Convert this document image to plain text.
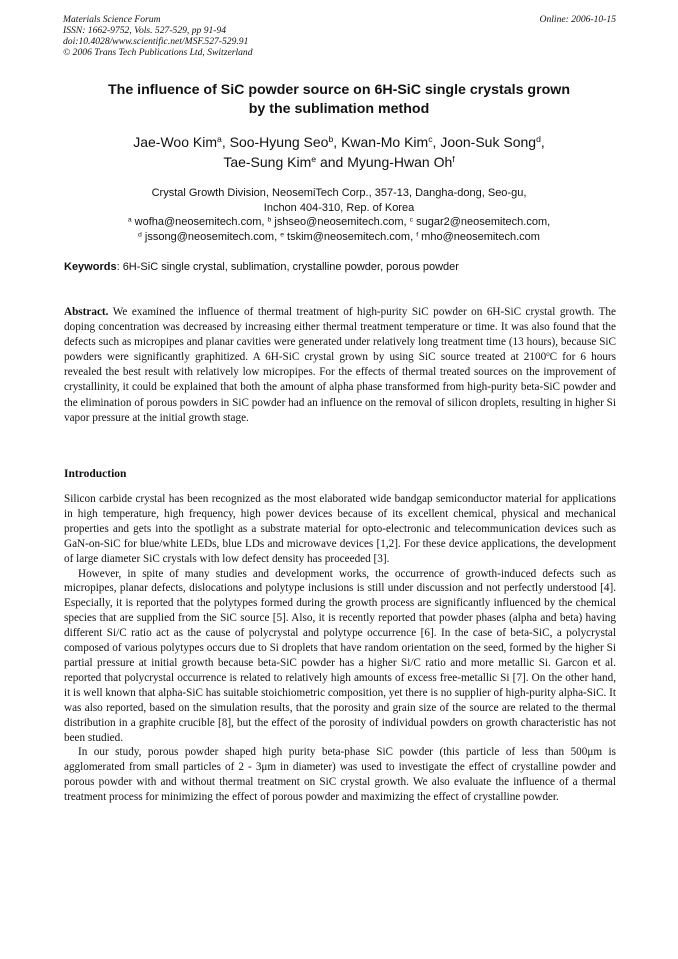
Materials Science Forum
ISSN: 1662-9752, Vols. 527-529, pp 91-94
doi:10.4028/www.scientific.net/MSF.527-529.91
© 2006 Trans Tech Publications Ltd, Switzerland
Online: 2006-10-15
The influence of SiC powder source on 6H-SiC single crystals grown
by the sublimation method
Jae-Woo Kim$^a$, Soo-Hyung Seo$^b$, Kwan-Mo Kim$^c$, Joon-Suk Song$^d$,
Tae-Sung Kim$^e$ and Myung-Hwan Oh$^f$
Crystal Growth Division, NeosemiTech Corp., 357-13, Dangha-dong, Seo-gu,
Inchon 404-310, Rep. of Korea
$^a$ wofha@neosemitech.com, $^b$ jshseo@neosemitech.com, $^c$ sugar2@neosemitech.com,
$^d$ jssong@neosemitech.com, $^e$ tskim@neosemitech.com, $^f$ mho@neosemitech.com
Keywords: 6H-SiC single crystal, sublimation, crystalline powder, porous powder
Abstract. We examined the influence of thermal treatment of high-purity SiC powder on 6H-SiC crystal growth. The doping concentration was decreased by increasing either thermal treatment temperature or time. It was also found that the defects such as micropipes and planar cavities were generated under relatively long treatment time (13 hours), because SiC powders were significantly graphitized. A 6H-SiC crystal grown by using SiC source treated at 2100$^o$C for 6 hours revealed the best result with relatively low micropipes. For the effects of thermal treated sources on the improvement of crystallinity, it could be explained that both the amount of alpha phase transformed from high-purity beta-SiC powder and the elimination of porous powders in SiC powder had an influence on the removal of silicon droplets, resulting in higher Si vapor pressure at the initial growth stage.
Introduction

Silicon carbide crystal has been recognized as the most elaborated wide bandgap semiconductor material for applications in high temperature, high frequency, high power devices because of its excellent chemical, physical and mechanical properties and gets into the spotlight as a substrate material for opto-electronic and telecommunication devices such as GaN-on-SiC for blue/white LEDs, blue LDs and microwave devices [1,2]. For these device applications, the development of large diameter SiC crystals with low defect density has proceeded [3].

However, in spite of many studies and development works, the occurrence of growth-induced defects such as micropipes, planar defects, dislocations and polytype inclusions is still under discussion and not perfectly understood [4]. Especially, it is reported that the polytypes formed during the growth process are significantly influenced by the chemical species that are supplied from the SiC source [5]. Also, it is recently reported that powder phases (alpha and beta) having different Si/C ratio act as the cause of polycrystal and polytype occurrence [6]. In the case of beta-SiC, a polycrystal composed of various polytypes occurs due to Si droplets that have random orientation on the seed, formed by the higher Si partial pressure at initial growth because beta-SiC powder has a higher Si/C ratio and more metallic Si. Garcon et al. reported that polycrystal occurrence is related to relatively high amounts of excess free-metallic Si [7]. On the other hand, it is well known that alpha-SiC has suitable stoichiometric composition, yet there is no supplier of high-purity alpha-SiC. It was also reported, based on the simulation results, that the porosity and grain size of the source are related to the thermal distribution in a graphite crucible [8], but the effect of the porosity of individual powders on growth characteristic has not been studied.

In our study, porous powder shaped high purity beta-phase SiC powder (this particle of less than 500μm is agglomerated from small particles of 2 - 3μm in diameter) was used to investigate the effect of crystalline powder and porous powder with and without thermal treatment on SiC crystal growth. We also evaluate the influence of a thermal treatment process for minimizing the effect of porous powder and maximizing the effect of crystalline powder.
